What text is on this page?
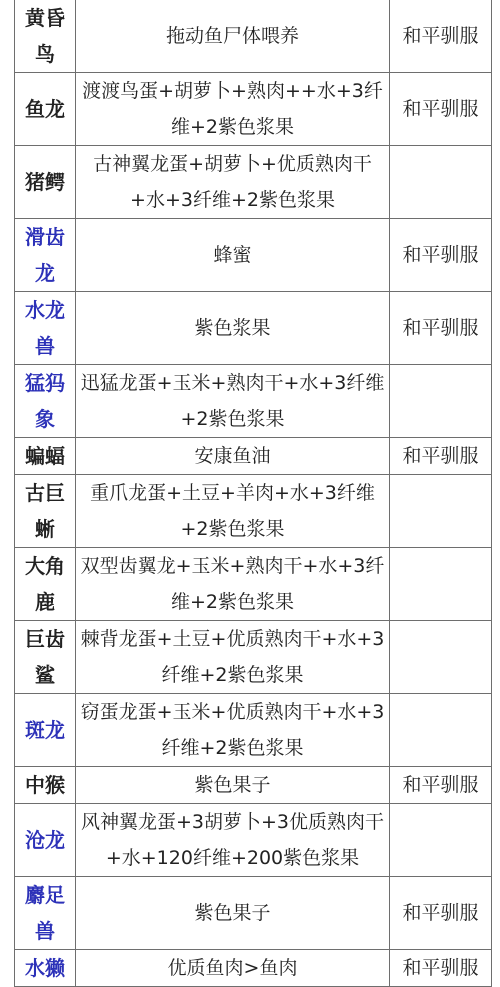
黄昏鸟	拖动鱼尸体喂养	和平驯服
鱼龙	渡渡鸟蛋+胡萝卜+熟肉++水+3纤维+2紫色浆果	和平驯服
猪鳄	古神翼龙蛋+胡萝卜+优质熟肉干+水+3纤维+2紫色浆果	
滑齿龙	蜂蜜	和平驯服
水龙兽	紫色浆果	和平驯服
猛犸象	迅猛龙蛋+玉米+熟肉干+水+3纤维+2紫色浆果	
蝙蝠	安康鱼油	和平驯服
古巨蜥	重爪龙蛋+土豆+羊肉+水+3纤维+2紫色浆果	
大角鹿	双型齿翼龙+玉米+熟肉干+水+3纤维+2紫色浆果	
巨齿鲨	棘背龙蛋+土豆+优质熟肉干+水+3纤维+2紫色浆果	
斑龙	窃蛋龙蛋+玉米+优质熟肉干+水+3纤维+2紫色浆果	
中猴	紫色果子	和平驯服
沧龙	风神翼龙蛋+3胡萝卜+3优质熟肉干+水+120纤维+200紫色浆果	
麝足兽	紫色果子	和平驯服
水獭	优质鱼肉>鱼肉	和平驯服
